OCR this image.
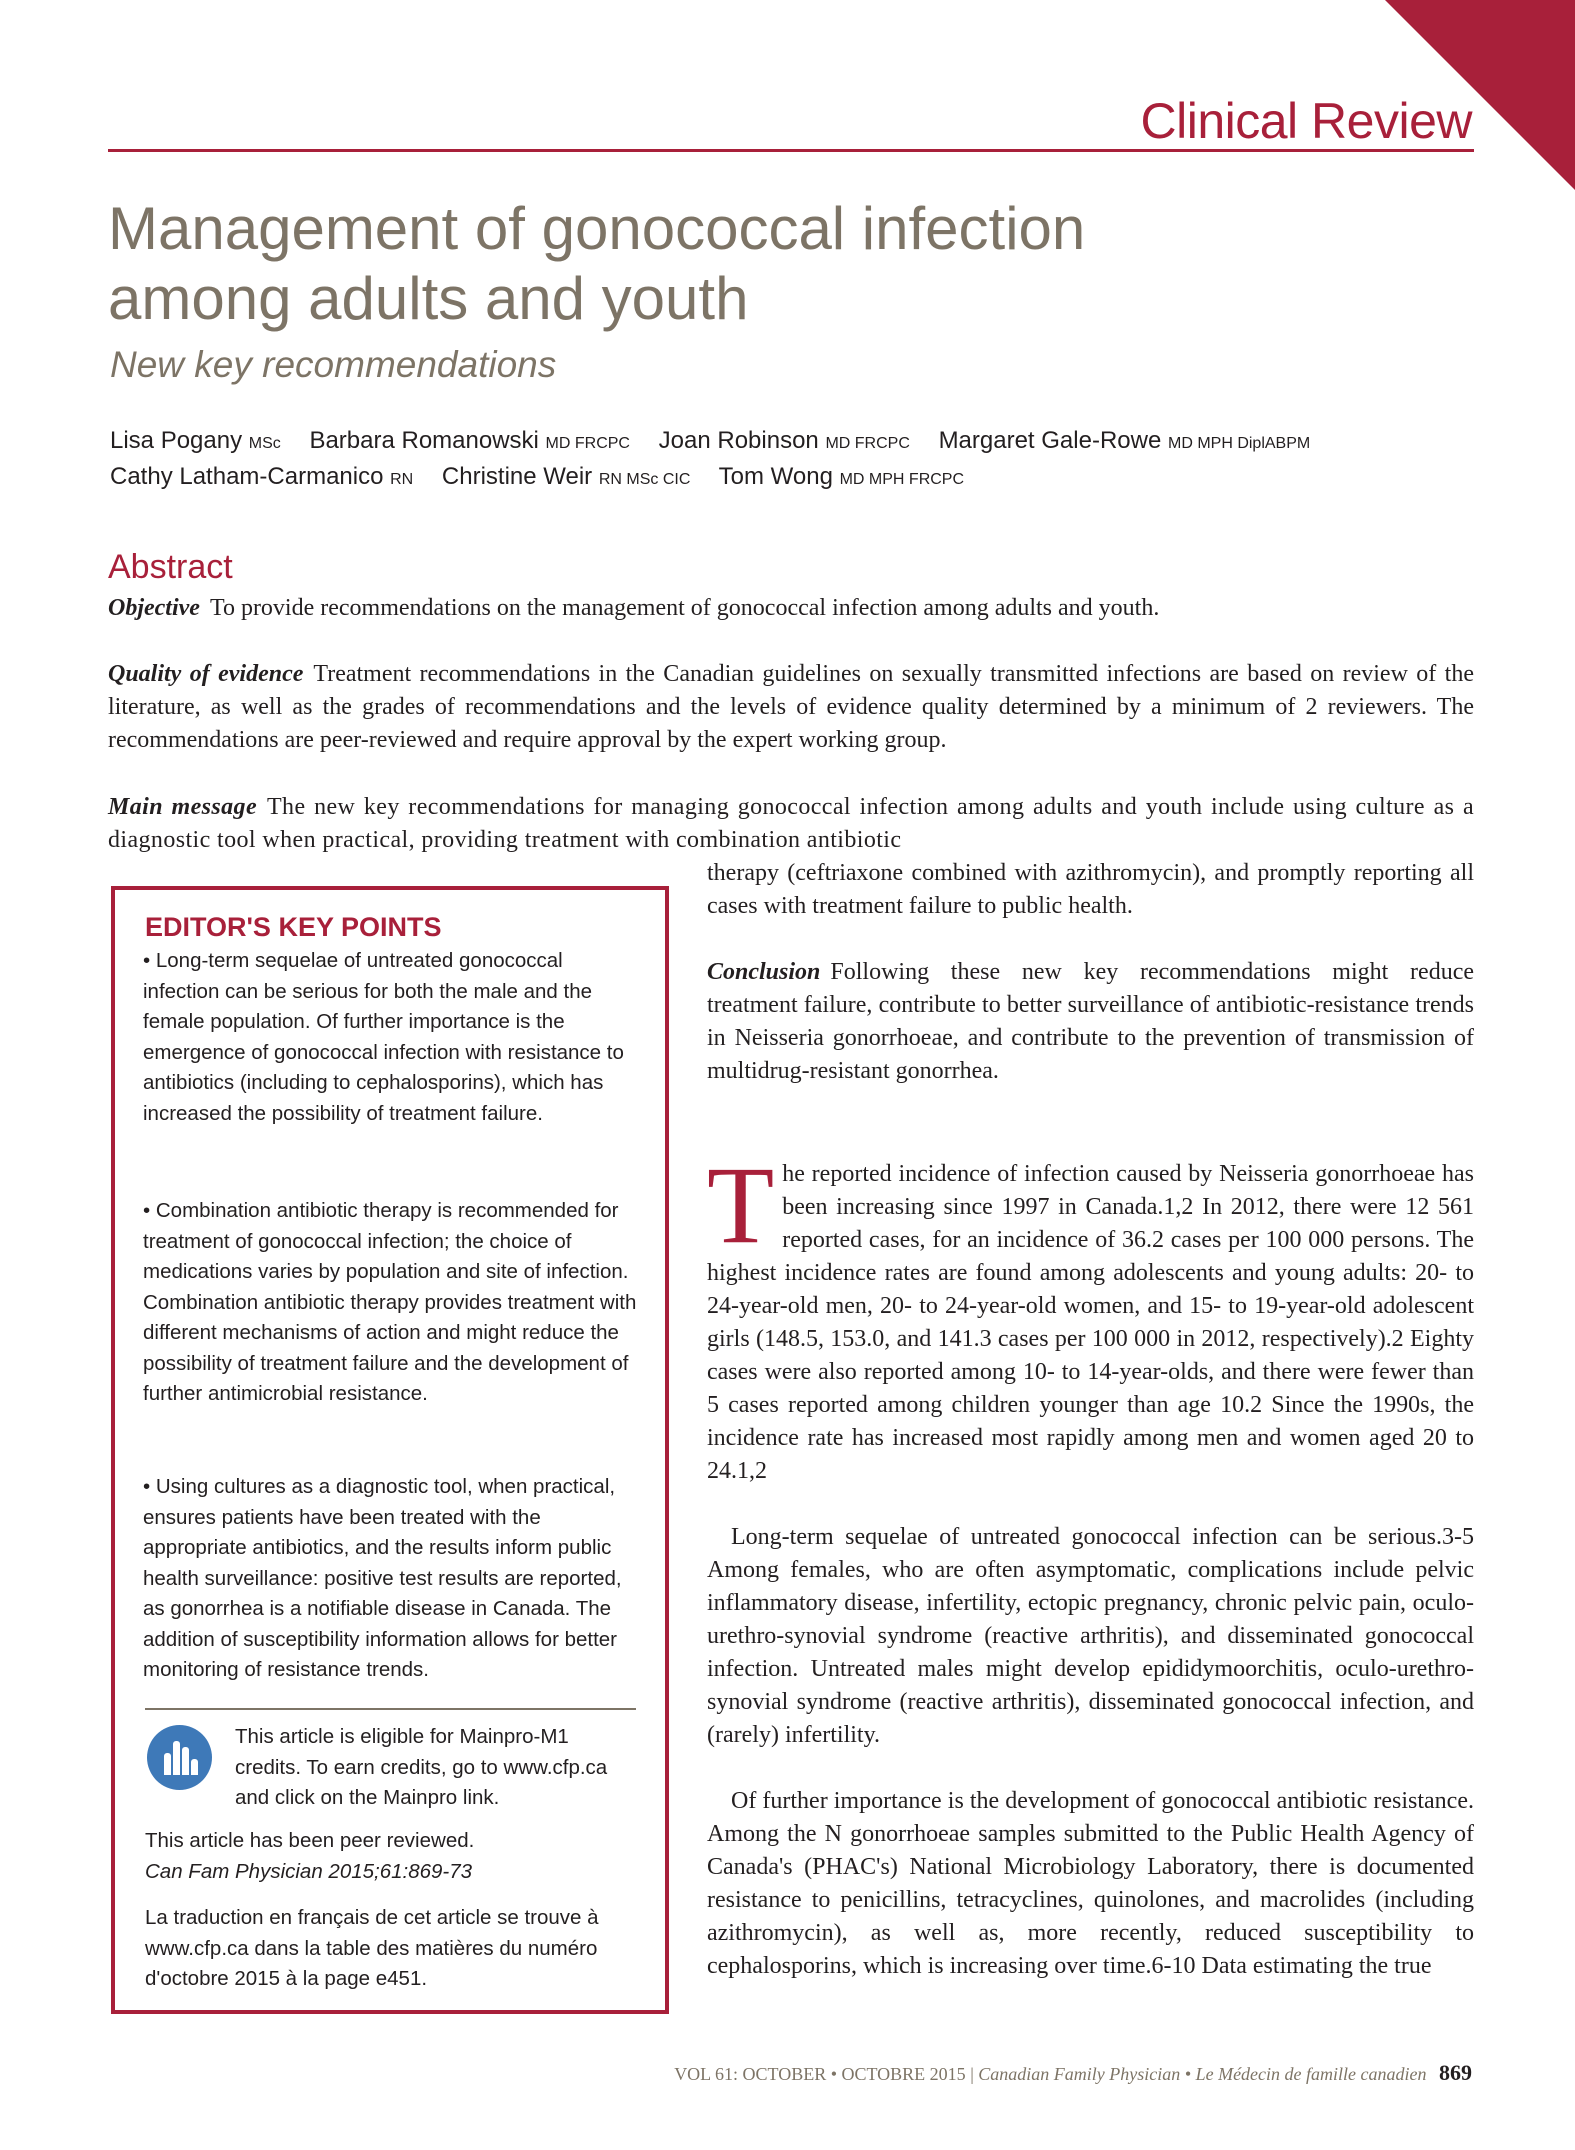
Clinical Review
Management of gonococcal infection among adults and youth
New key recommendations
Lisa Pogany MSc Barbara Romanowski MD FRCPC Joan Robinson MD FRCPC Margaret Gale-Rowe MD MPH DiplABPM
Cathy Latham-Carmanico RN Christine Weir RN MSc CIC Tom Wong MD MPH FRCPC
Abstract

Objective To provide recommendations on the management of gonococcal infection among adults and youth.

Quality of evidence Treatment recommendations in the Canadian guidelines on sexually transmitted infections are based on review of the literature, as well as the grades of recommendations and the levels of evidence quality determined by a minimum of 2 reviewers. The recommendations are peer-reviewed and require approval by the expert working group.

Main message The new key recommendations for managing gonococcal infection among adults and youth include using culture as a diagnostic tool when practical, providing treatment with combination antibiotic

therapy (ceftriaxone combined with azithromycin), and promptly reporting all cases with treatment failure to public health.

Conclusion Following these new key recommendations might reduce treatment failure, contribute to better surveillance of antibiotic-resistance trends in Neisseria gonorrhoeae, and contribute to the prevention of transmission of multidrug-resistant gonorrhea.

EDITOR'S KEY POINTS

• Long-term sequelae of untreated gonococcal infection can be serious for both the male and the female population. Of further importance is the emergence of gonococcal infection with resistance to antibiotics (including to cephalosporins), which has increased the possibility of treatment failure.

• Combination antibiotic therapy is recommended for treatment of gonococcal infection; the choice of medications varies by population and site of infection. Combination antibiotic therapy provides treatment with different mechanisms of action and might reduce the possibility of treatment failure and the development of further antimicrobial resistance.

• Using cultures as a diagnostic tool, when practical, ensures patients have been treated with the appropriate antibiotics, and the results inform public health surveillance: positive test results are reported, as gonorrhea is a notifiable disease in Canada. The addition of susceptibility information allows for better monitoring of resistance trends.

This article is eligible for Mainpro-M1 credits. To earn credits, go to www.cfp.ca and click on the Mainpro link.

This article has been peer reviewed.

Can Fam Physician 2015;61:869-73

La traduction en français de cet article se trouve à www.cfp.ca dans la table des matières du numéro d'octobre 2015 à la page e451.

The reported incidence of infection caused by Neisseria gonorrhoeae has been increasing since 1997 in Canada.1,2 In 2012, there were 12 561 reported cases, for an incidence of 36.2 cases per 100 000 persons. The highest incidence rates are found among adolescents and young adults: 20- to 24-year-old men, 20- to 24-year-old women, and 15- to 19-year-old adolescent girls (148.5, 153.0, and 141.3 cases per 100 000 in 2012, respectively).2 Eighty cases were also reported among 10- to 14-year-olds, and there were fewer than 5 cases reported among children younger than age 10.2 Since the 1990s, the incidence rate has increased most rapidly among men and women aged 20 to 24.1,2

Long-term sequelae of untreated gonococcal infection can be serious.3-5 Among females, who are often asymptomatic, complications include pelvic inflammatory disease, infertility, ectopic pregnancy, chronic pelvic pain, oculo-urethro-synovial syndrome (reactive arthritis), and disseminated gonococcal infection. Untreated males might develop epididymoorchitis, oculo-urethro-synovial syndrome (reactive arthritis), disseminated gonococcal infection, and (rarely) infertility.

Of further importance is the development of gonococcal antibiotic resistance. Among the N gonorrhoeae samples submitted to the Public Health Agency of Canada's (PHAC's) National Microbiology Laboratory, there is documented resistance to penicillins, tetracyclines, quinolones, and macrolides (including azithromycin), as well as, more recently, reduced susceptibility to cephalosporins, which is increasing over time.6-10 Data estimating the true

VOL 61: OCTOBER • OCTOBRE 2015 | Canadian Family Physician • Le Médecin de famille canadien 869
